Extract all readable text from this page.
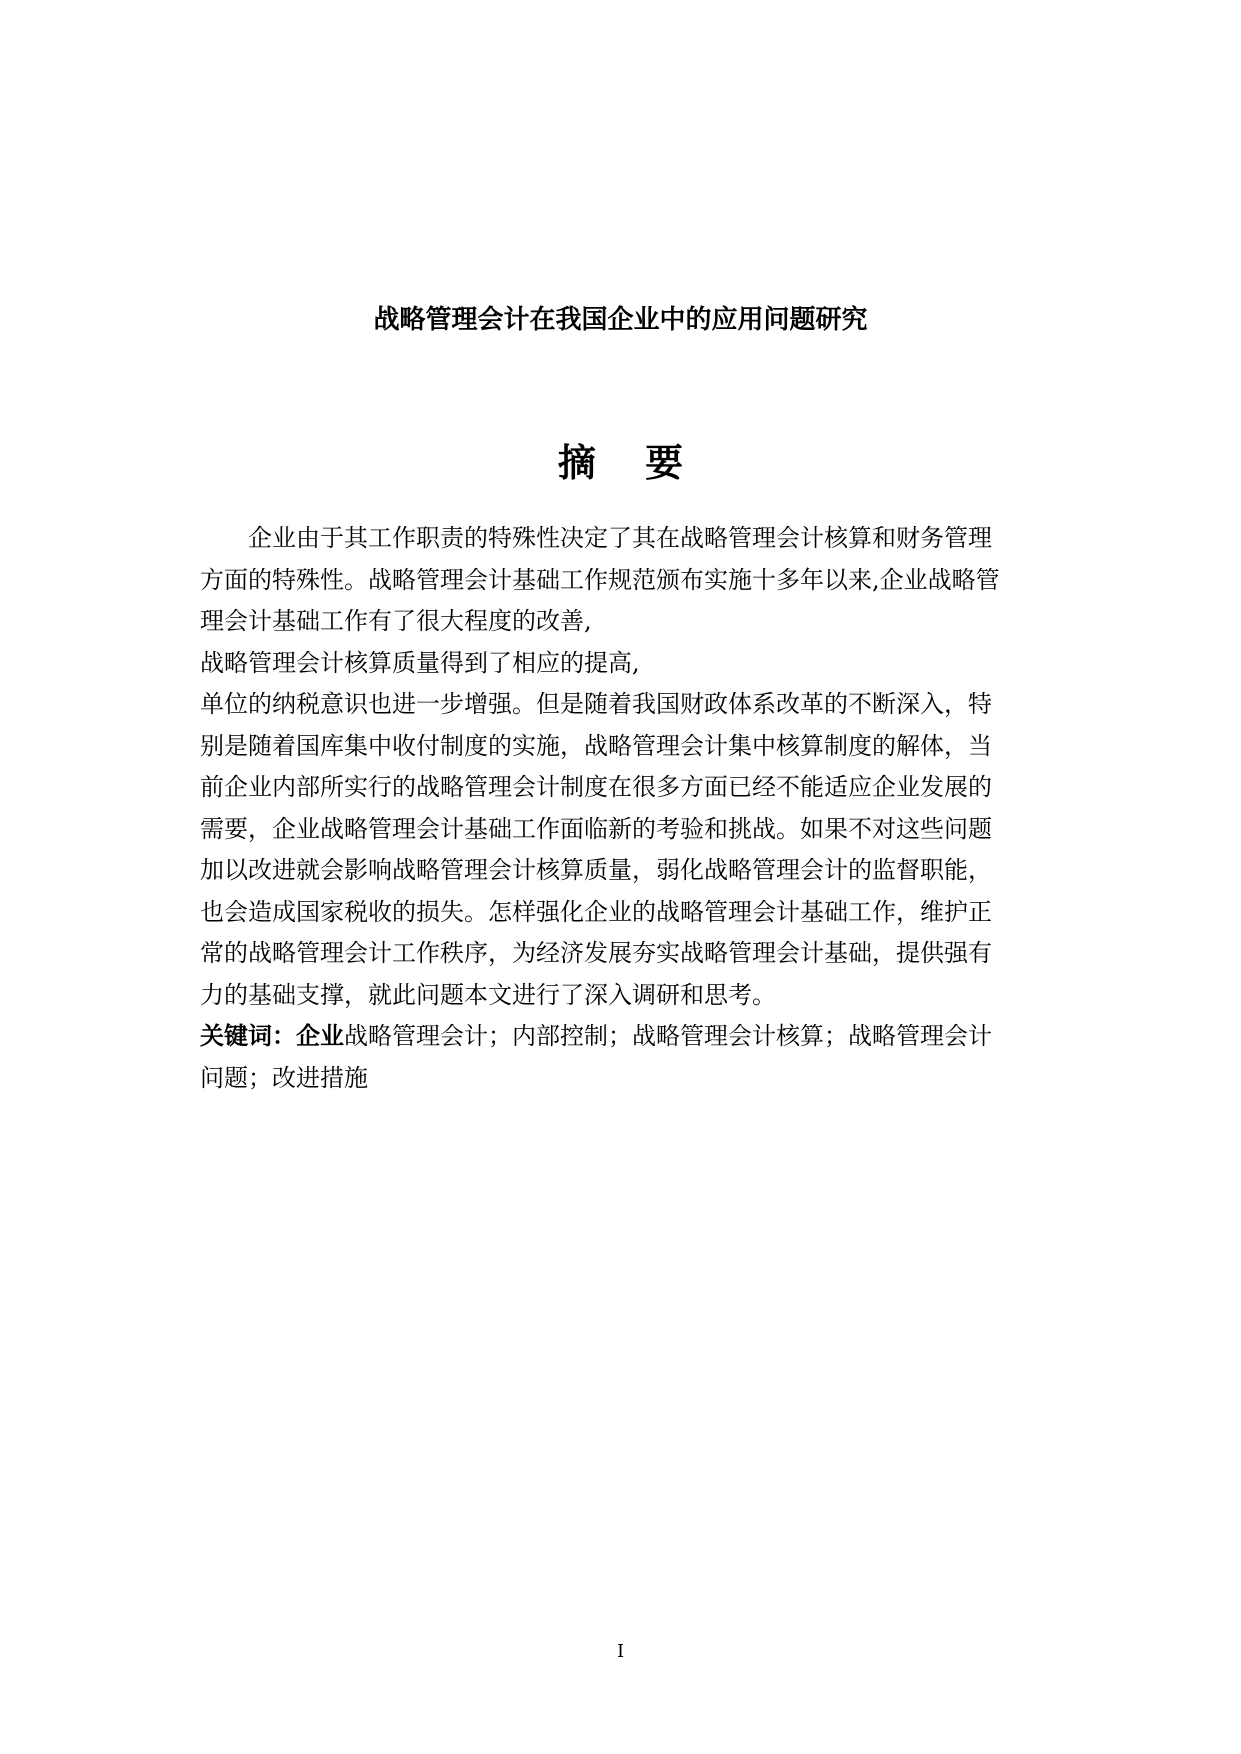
战略管理会计在我国企业中的应用问题研究
摘 要
企业由于其工作职责的特殊性决定了其在战略管理会计核算和财务管理
方面的特殊性。战略管理会计基础工作规范颁布实施十多年以来,企业战略管
理会计基础工作有了很大程度的改善,
战略管理会计核算质量得到了相应的提高,
单位的纳税意识也进一步增强。但是随着我国财政体系改革的不断深入，特
别是随着国库集中收付制度的实施，战略管理会计集中核算制度的解体，当
前企业内部所实行的战略管理会计制度在很多方面已经不能适应企业发展的
需要，企业战略管理会计基础工作面临新的考验和挑战。如果不对这些问题
加以改进就会影响战略管理会计核算质量，弱化战略管理会计的监督职能，
也会造成国家税收的损失。怎样强化企业的战略管理会计基础工作，维护正
常的战略管理会计工作秩序，为经济发展夯实战略管理会计基础，提供强有
力的基础支撑，就此问题本文进行了深入调研和思考。
关键词：企业战略管理会计；内部控制；战略管理会计核算；战略管理会计
问题；改进措施
I
